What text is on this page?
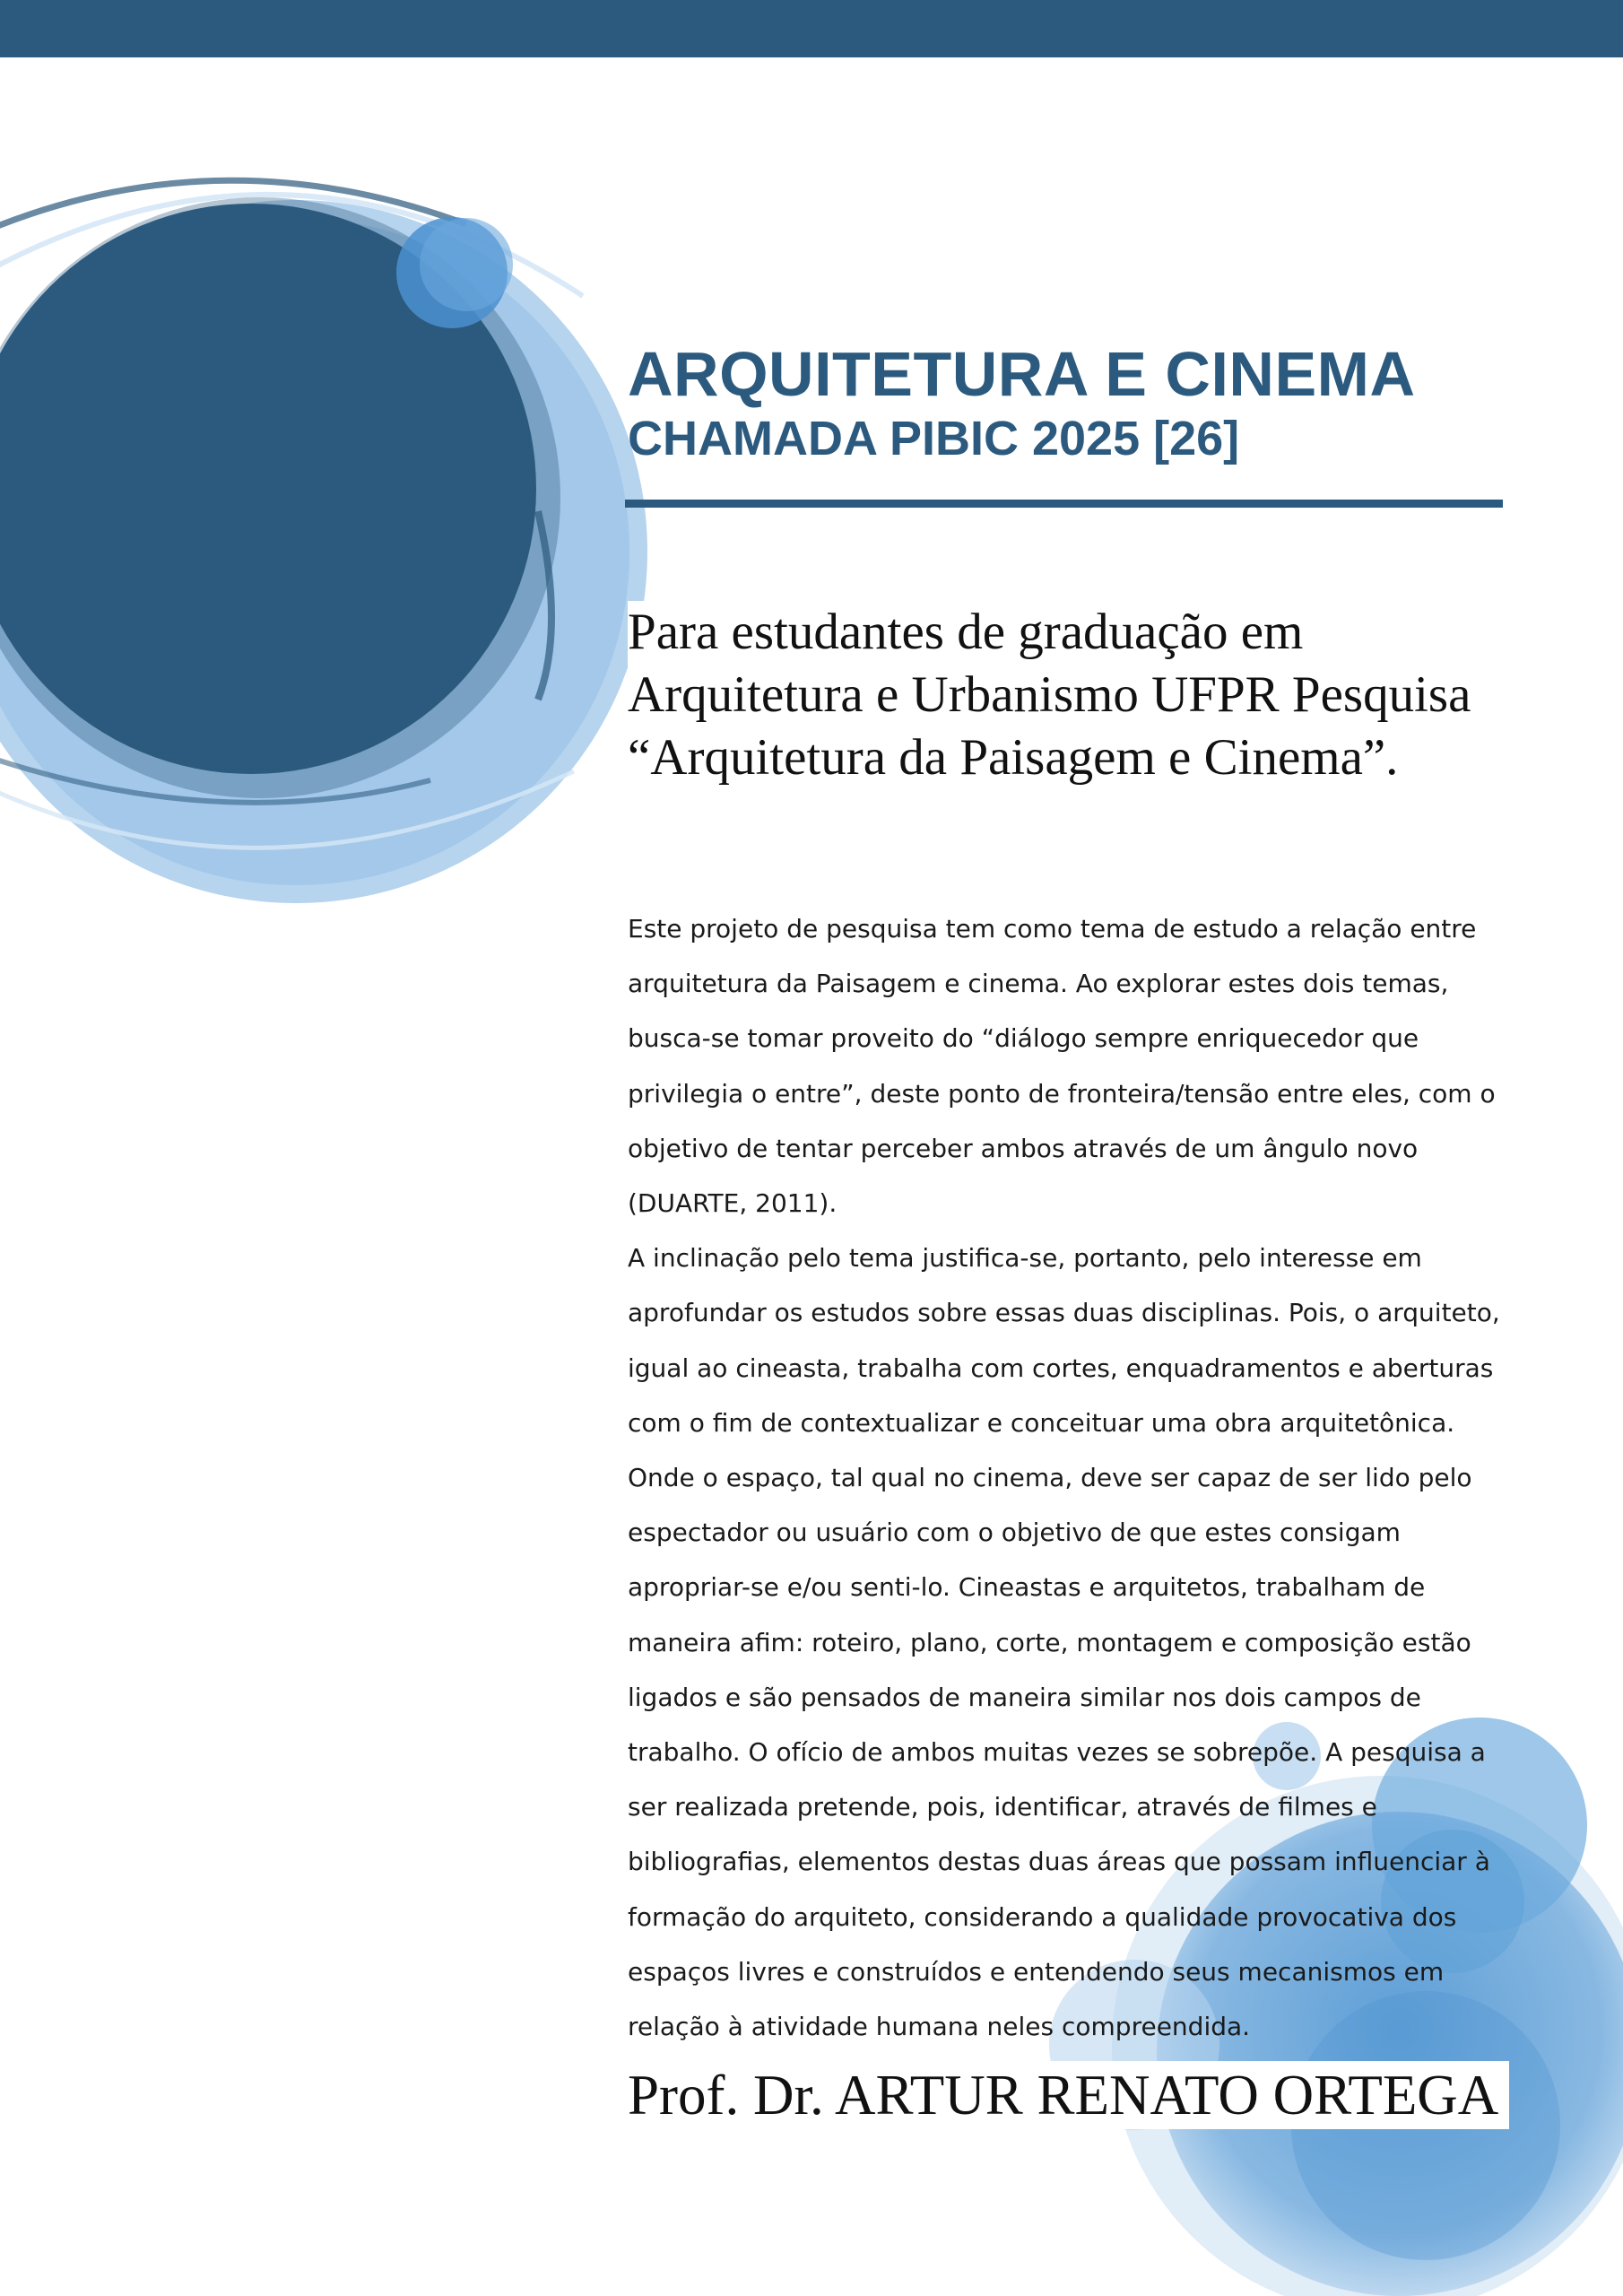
ARQUITETURA E CINEMA
CHAMADA PIBIC 2025 [26]

Para estudantes de graduação em Arquitetura e Urbanismo UFPR Pesquisa “Arquitetura da Paisagem e Cinema”.

Este projeto de pesquisa tem como tema de estudo a relação entre arquitetura da Paisagem e cinema. Ao explorar estes dois temas, busca-se tomar proveito do “diálogo sempre enriquecedor que privilegia o entre”, deste ponto de fronteira/tensão entre eles, com o objetivo de tentar perceber ambos através de um ângulo novo (DUARTE, 2011).

A inclinação pelo tema justifica-se, portanto, pelo interesse em aprofundar os estudos sobre essas duas disciplinas. Pois, o arquiteto, igual ao cineasta, trabalha com cortes, enquadramentos e aberturas com o fim de contextualizar e conceituar uma obra arquitetônica. Onde o espaço, tal qual no cinema, deve ser capaz de ser lido pelo espectador ou usuário com o objetivo de que estes consigam apropriar-se e/ou senti-lo. Cineastas e arquitetos, trabalham de maneira afim: roteiro, plano, corte, montagem e composição estão ligados e são pensados de maneira similar nos dois campos de trabalho. O ofício de ambos muitas vezes se sobrepõe. A pesquisa a ser realizada pretende, pois, identificar, através de filmes e bibliografias, elementos destas duas áreas que possam influenciar à formação do arquiteto, considerando a qualidade provocativa dos espaços livres e construídos e entendendo seus mecanismos em relação à atividade humana neles compreendida.

Prof. Dr. ARTUR RENATO ORTEGA
